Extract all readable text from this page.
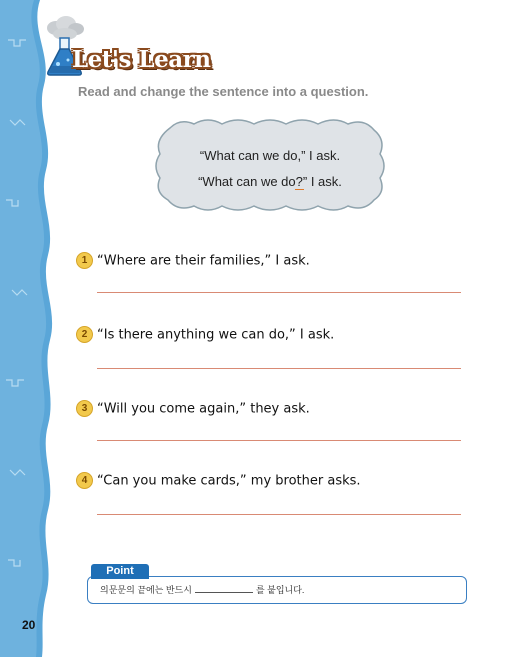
Let's Learn
Read and change the sentence into a question.
“What can we do,” I ask.
“What can we do?” I ask.
1 “Where are their families,” I ask.
2 “Is there anything we can do,” I ask.
3 “Will you come again,” they ask.
4 “Can you make cards,” my brother asks.
의문문의 끝에는 반드시	를 붙입니다.
Point
20
